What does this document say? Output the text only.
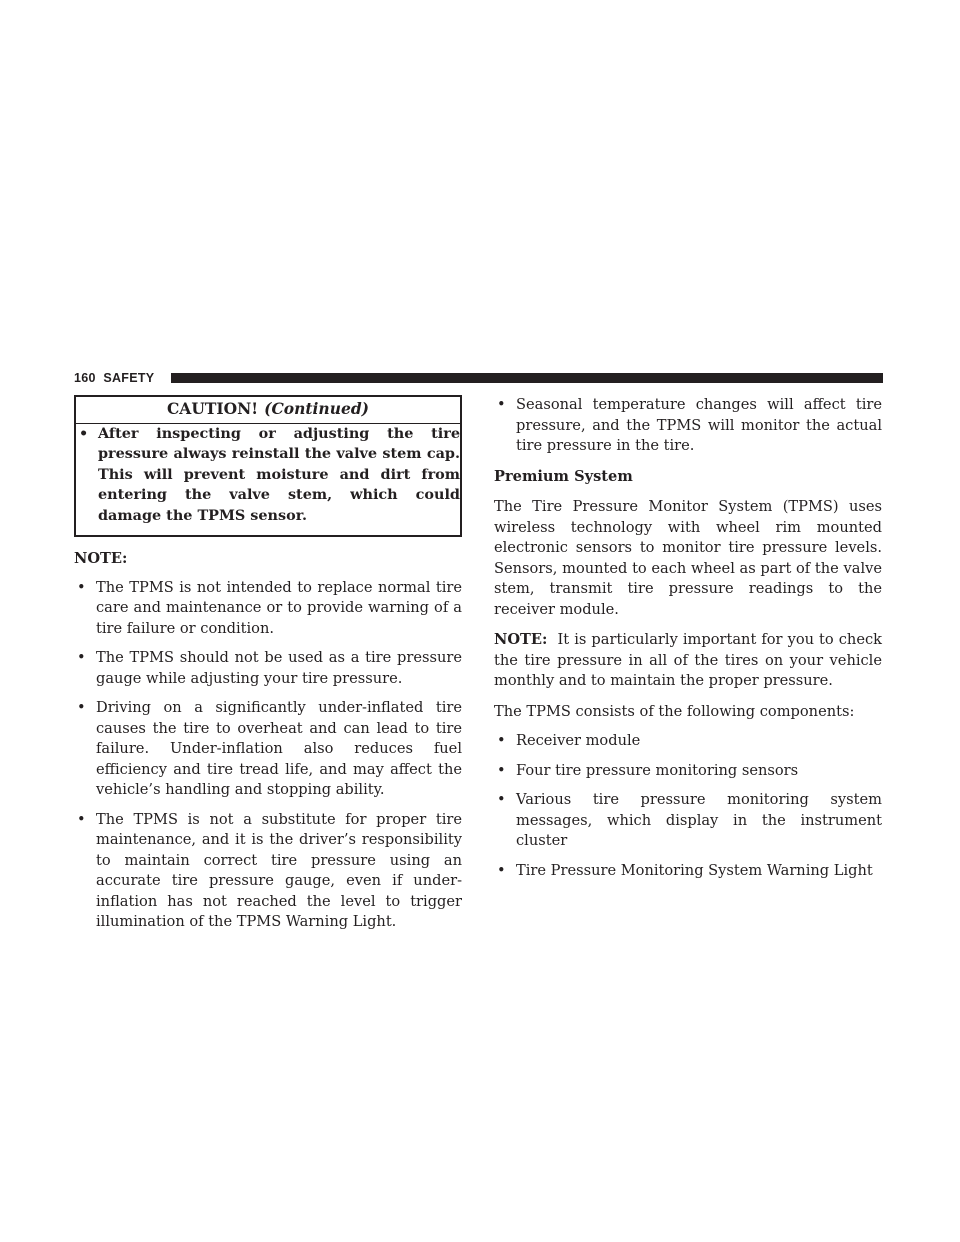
160 SAFETY
CAUTION! (Continued)
• After inspecting or adjusting the tire pressure always reinstall the valve stem cap. This will prevent moisture and dirt from entering the valve stem, which could damage the TPMS sensor.
NOTE:
• The TPMS is not intended to replace normal tire care and maintenance or to provide warning of a tire failure or condition.
• The TPMS should not be used as a tire pressure gauge while adjusting your tire pressure.
• Driving on a significantly under-inflated tire causes the tire to overheat and can lead to tire failure. Under-inflation also reduces fuel efficiency and tire tread life, and may affect the vehicle’s handling and stopping ability.
• The TPMS is not a substitute for proper tire maintenance, and it is the driver’s responsibility to maintain correct tire pressure using an accurate tire pressure gauge, even if under-inflation has not reached the level to trigger illumination of the TPMS Warning Light.
• Seasonal temperature changes will affect tire pressure, and the TPMS will monitor the actual tire pressure in the tire.
Premium System

The Tire Pressure Monitor System (TPMS) uses wireless technology with wheel rim mounted electronic sensors to monitor tire pressure levels. Sensors, mounted to each wheel as part of the valve stem, transmit tire pressure readings to the receiver module.

NOTE: It is particularly important for you to check the tire pressure in all of the tires on your vehicle monthly and to maintain the proper pressure.

The TPMS consists of the following components:

• Receiver module
• Four tire pressure monitoring sensors
• Various tire pressure monitoring system messages, which display in the instrument cluster
• Tire Pressure Monitoring System Warning Light
